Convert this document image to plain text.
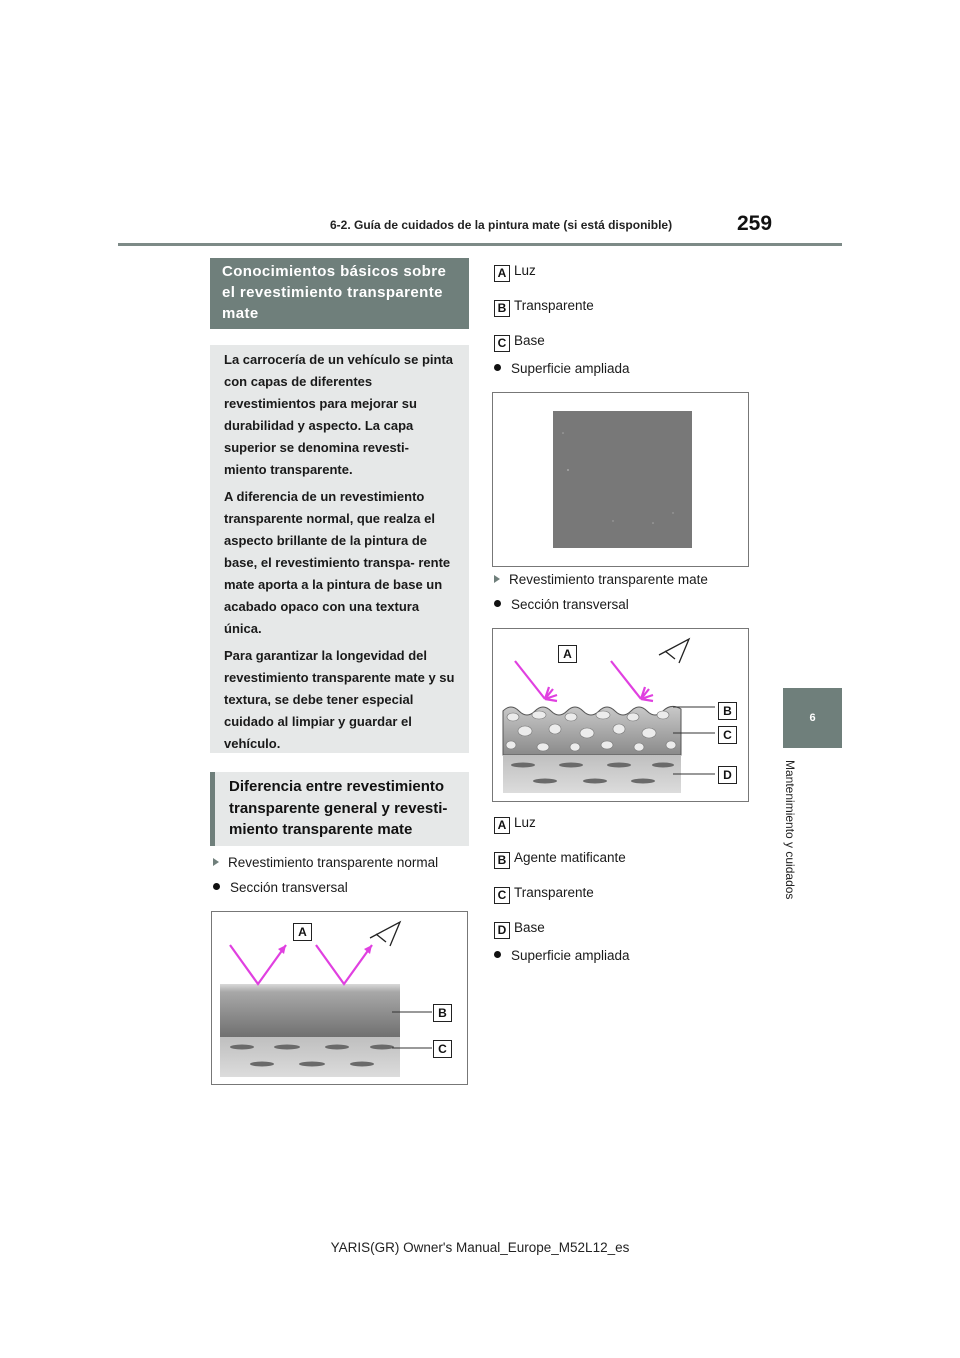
6-2. Guía de cuidados de la pintura mate (si está disponible)	259
6
Mantenimiento y cuidados
Conocimientos básicos sobre el revestimiento transparente mate

La carrocería de un vehículo se pinta con capas de diferentes revestimientos para mejorar su durabilidad y aspecto. La capa superior se denomina revesti- miento transparente.

A diferencia de un revestimiento transparente normal, que realza el aspecto brillante de la pintura de base, el revestimiento transpa- rente mate aporta a la pintura de base un acabado opaco con una textura única.

Para garantizar la longevidad del revestimiento transparente mate y su textura, se debe tener especial cuidado al limpiar y guardar el vehículo.

Diferencia entre revestimiento transparente general y revesti- miento transparente mate
Revestimiento transparente normal
Sección transversal
A
B
C
A Luz
B Transparente
C Base
Superficie ampliada
Revestimiento transparente mate
Sección transversal
A
B
C
D
A Luz
B Agente matificante
C Transparente
D Base
Superficie ampliada
YARIS(GR) Owner's Manual_Europe_M52L12_es
